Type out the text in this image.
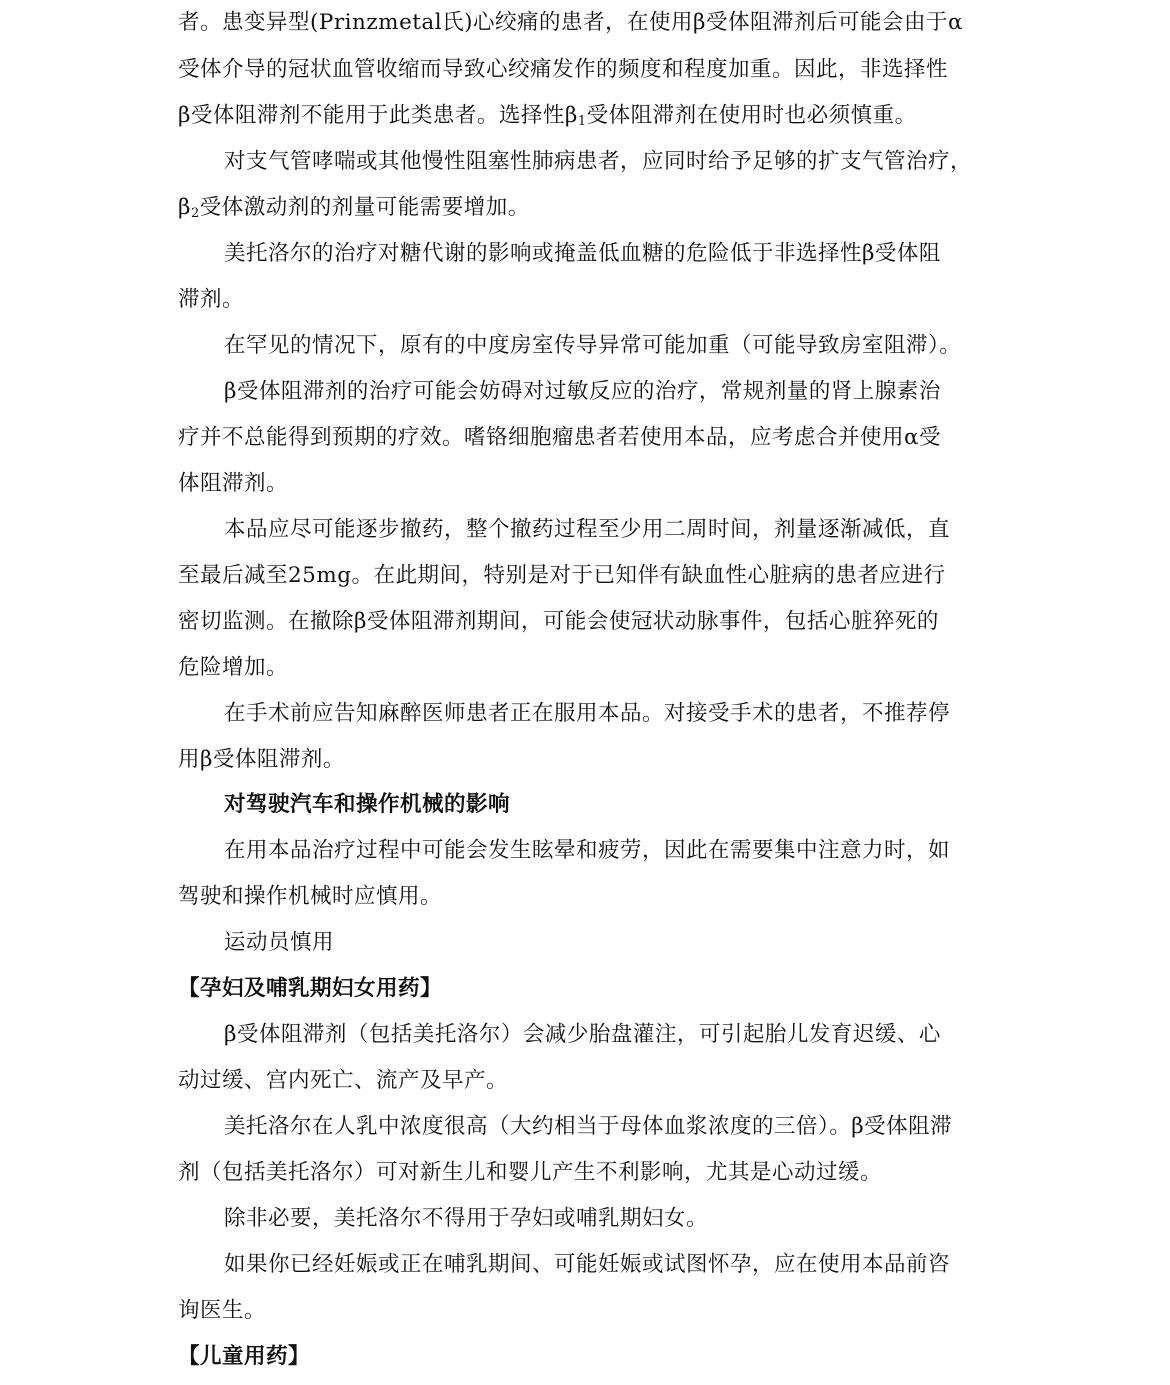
者。患变异型(Prinzmetal氏)心绞痛的患者，在使用β受体阻滞剂后可能会由于α
受体介导的冠状血管收缩而导致心绞痛发作的频度和程度加重。因此，非选择性
β受体阻滞剂不能用于此类患者。选择性$\beta_1$受体阻滞剂在使用时也必须慎重。
对支气管哮喘或其他慢性阻塞性肺病患者，应同时给予足够的扩支气管治疗，
$\beta_2$受体激动剂的剂量可能需要增加。
美托洛尔的治疗对糖代谢的影响或掩盖低血糖的危险低于非选择性β受体阻
滞剂。
在罕见的情况下，原有的中度房室传导异常可能加重（可能导致房室阻滞）。
β受体阻滞剂的治疗可能会妨碍对过敏反应的治疗，常规剂量的肾上腺素治
疗并不总能得到预期的疗效。嗜铬细胞瘤患者若使用本品，应考虑合并使用α受
体阻滞剂。
本品应尽可能逐步撤药，整个撤药过程至少用二周时间，剂量逐渐减低，直
至最后减至25mg。在此期间，特别是对于已知伴有缺血性心脏病的患者应进行
密切监测。在撤除β受体阻滞剂期间，可能会使冠状动脉事件，包括心脏猝死的
危险增加。
在手术前应告知麻醉医师患者正在服用本品。对接受手术的患者，不推荐停
用β受体阻滞剂。
对驾驶汽车和操作机械的影响
在用本品治疗过程中可能会发生眩晕和疲劳，因此在需要集中注意力时，如
驾驶和操作机械时应慎用。
运动员慎用
【孕妇及哺乳期妇女用药】
β受体阻滞剂（包括美托洛尔）会减少胎盘灌注，可引起胎儿发育迟缓、心
动过缓、宫内死亡、流产及早产。
美托洛尔在人乳中浓度很高（大约相当于母体血浆浓度的三倍）。β受体阻滞
剂（包括美托洛尔）可对新生儿和婴儿产生不利影响，尤其是心动过缓。
除非必要，美托洛尔不得用于孕妇或哺乳期妇女。
如果你已经妊娠或正在哺乳期间、可能妊娠或试图怀孕，应在使用本品前咨
询医生。
【儿童用药】
